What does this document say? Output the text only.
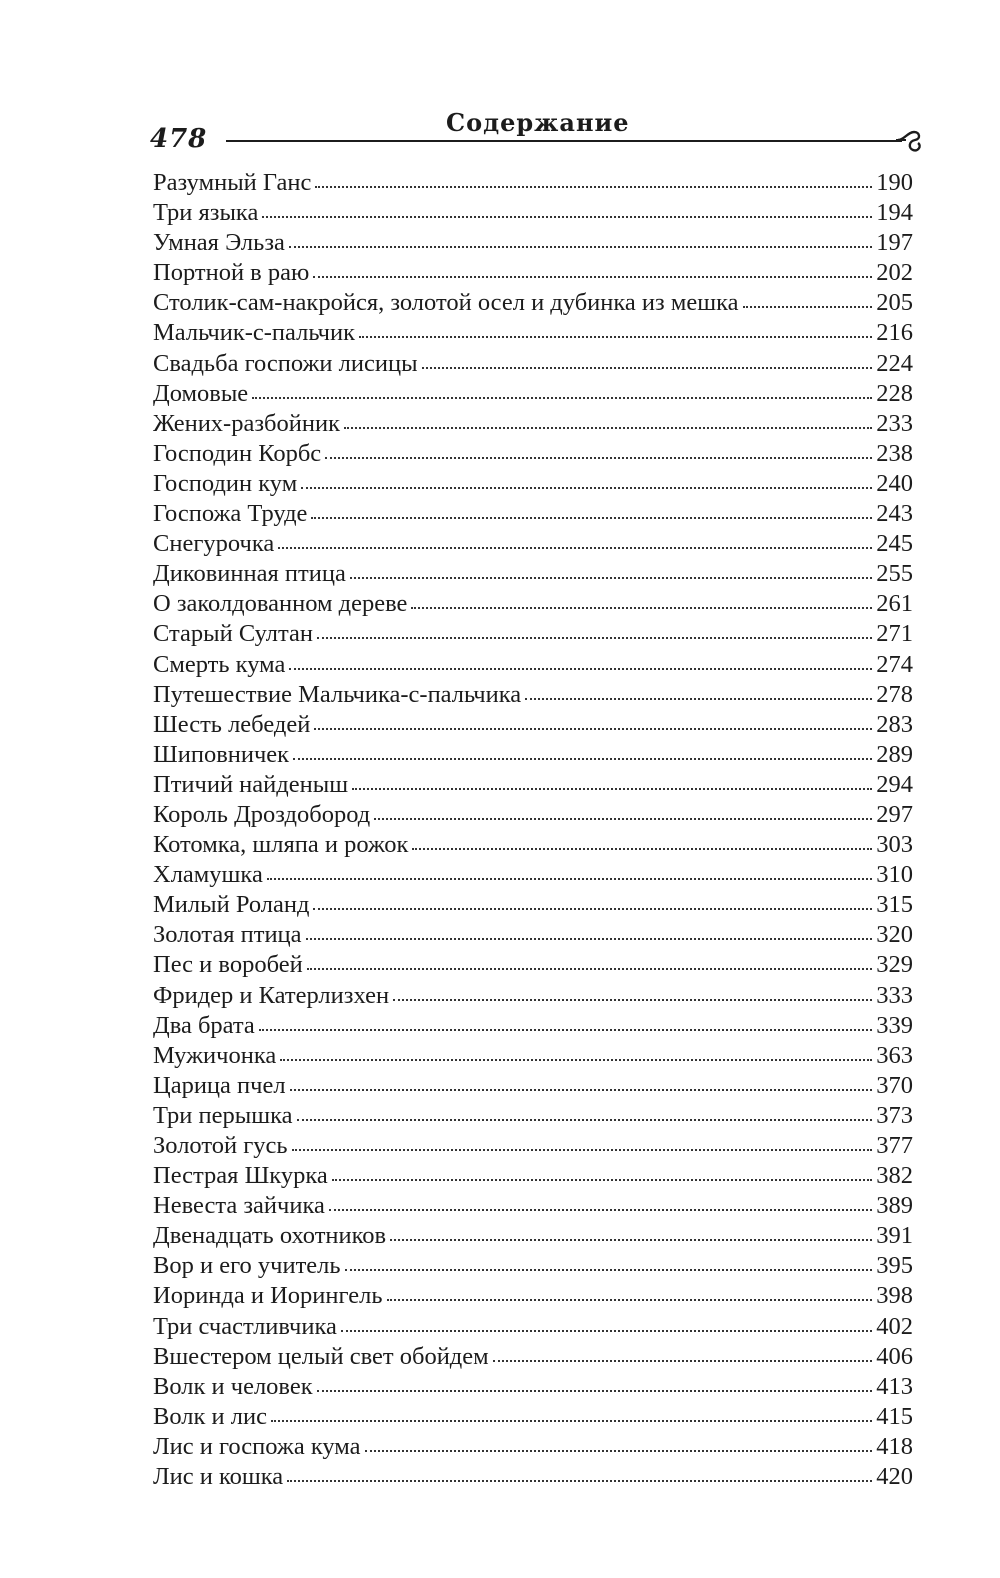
478
Содержание
Разумный Ганс	190
Три языка	194
Умная Эльза	197
Портной в раю	202
Столик-сам-накройся, золотой осел и дубинка из мешка	205
Мальчик-с-пальчик	216
Свадьба госпожи лисицы	224
Домовые	228
Жених-разбойник	233
Господин Корбс	238
Господин кум	240
Госпожа Труде	243
Снегурочка	245
Диковинная птица	255
О заколдованном дереве	261
Старый Султан	271
Смерть кума	274
Путешествие Мальчика-с-пальчика	278
Шесть лебедей	283
Шиповничек	289
Птичий найденыш	294
Король Дроздобород	297
Котомка, шляпа и рожок	303
Хламушка	310
Милый Роланд	315
Золотая птица	320
Пес и воробей	329
Фридер и Катерлизхен	333
Два брата	339
Мужичонка	363
Царица пчел	370
Три перышка	373
Золотой гусь	377
Пестрая Шкурка	382
Невеста зайчика	389
Двенадцать охотников	391
Вор и его учитель	395
Иоринда и Иорингель	398
Три счастливчика	402
Вшестером целый свет обойдем	406
Волк и человек	413
Волк и лис	415
Лис и госпожа кума	418
Лис и кошка	420
